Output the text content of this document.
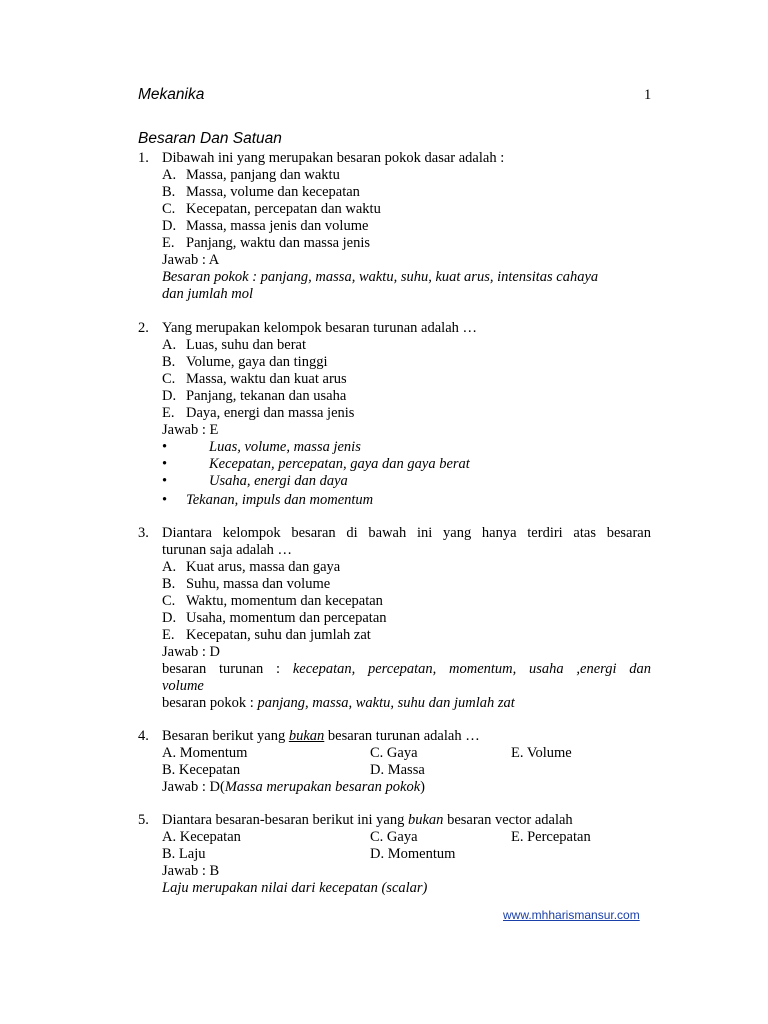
Mekanika	1
Besaran Dan Satuan
1. Dibawah ini yang merupakan besaran pokok dasar adalah :
A. Massa, panjang dan waktu
B. Massa, volume dan kecepatan
C. Kecepatan, percepatan dan waktu
D. Massa, massa jenis dan volume
E. Panjang, waktu dan massa jenis
Jawab : A
Besaran pokok : panjang, massa, waktu, suhu, kuat arus, intensitas cahaya
dan jumlah mol
2. Yang merupakan kelompok besaran turunan adalah …
A. Luas, suhu dan berat
B. Volume, gaya dan tinggi
C. Massa, waktu dan kuat arus
D. Panjang, tekanan dan usaha
E. Daya, energi dan massa jenis
Jawab : E
•	Luas, volume, massa jenis
•	Kecepatan, percepatan, gaya dan gaya berat
•	Usaha, energi dan daya
• Tekanan, impuls dan momentum
3. Diantara kelompok besaran di bawah ini yang hanya terdiri atas besaran
turunan saja adalah …
A. Kuat arus, massa dan gaya
B. Suhu, massa dan volume
C. Waktu, momentum dan kecepatan
D. Usaha, momentum dan percepatan
E. Kecepatan, suhu dan jumlah zat
Jawab : D
besaran turunan : kecepatan, percepatan, momentum, usaha ,energi dan
volume
besaran pokok : panjang, massa, waktu, suhu dan jumlah zat
4. Besaran berikut yang bukan besaran turunan adalah …
A. Momentum	C. Gaya	E. Volume
B. Kecepatan	D. Massa
Jawab : D(Massa merupakan besaran pokok)
5. Diantara besaran-besaran berikut ini yang bukan besaran vector adalah
A. Kecepatan	C. Gaya	E. Percepatan
B. Laju	D. Momentum
Jawab : B
Laju merupakan nilai dari kecepatan (scalar)
www.mhharismansur.com
